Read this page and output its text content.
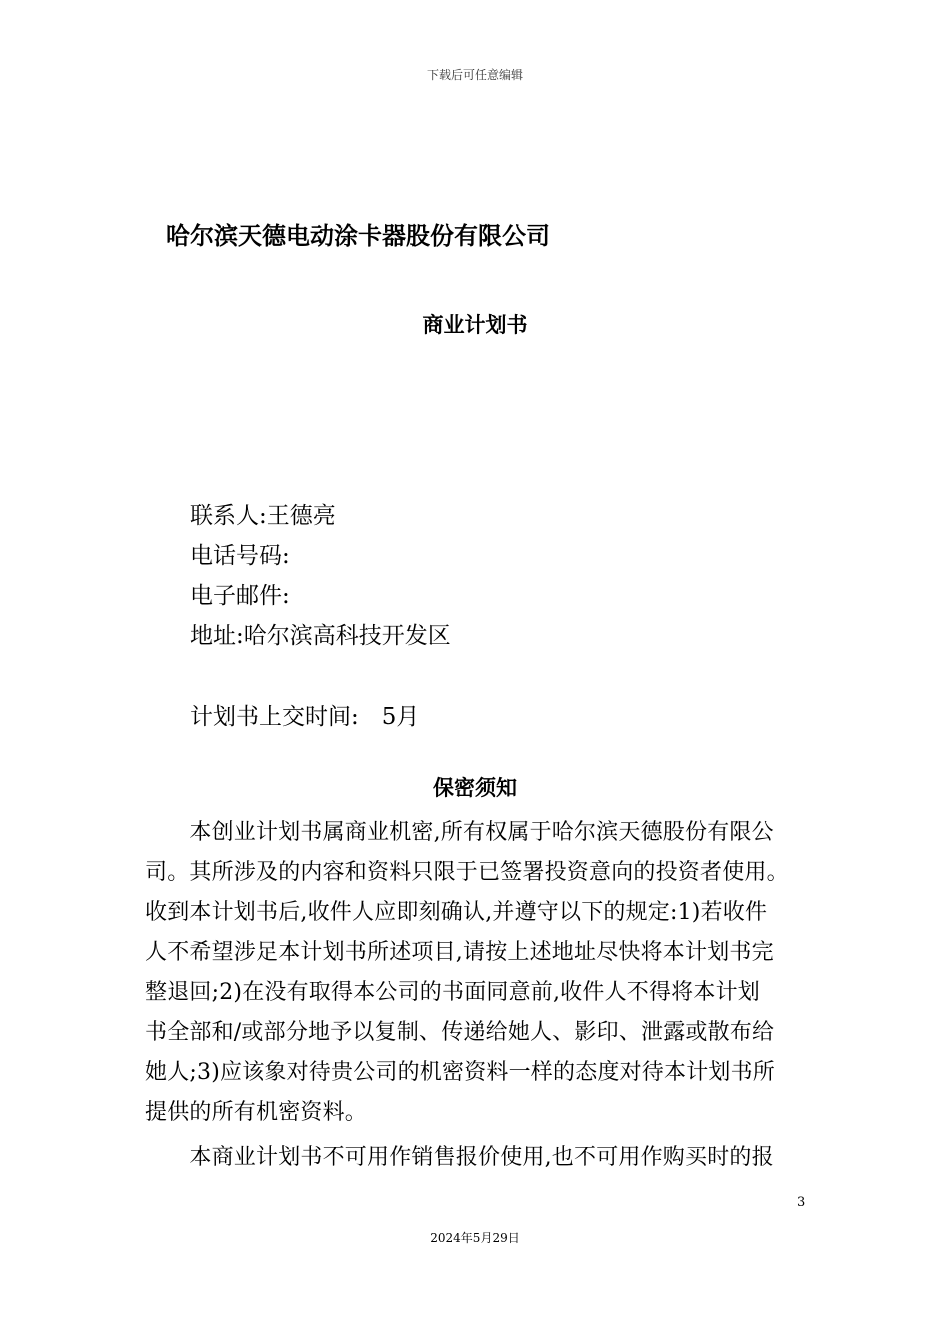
下载后可任意编辑
哈尔滨天德电动涂卡器股份有限公司
商业计划书
联系人:王德亮
电话号码:
电子邮件:
地址:哈尔滨高科技开发区
计划书上交时间:　5月
保密须知
　　本创业计划书属商业机密,所有权属于哈尔滨天德股份有限公
司。其所涉及的内容和资料只限于已签署投资意向的投资者使用。
收到本计划书后,收件人应即刻确认,并遵守以下的规定:1)若收件
人不希望涉足本计划书所述项目,请按上述地址尽快将本计划书完
整退回;2)在没有取得本公司的书面同意前,收件人不得将本计划
书全部和/或部分地予以复制、传递给她人、影印、泄露或散布给
她人;3)应该象对待贵公司的机密资料一样的态度对待本计划书所
提供的所有机密资料。
　　本商业计划书不可用作销售报价使用,也不可用作购买时的报
3
2024年5月29日
